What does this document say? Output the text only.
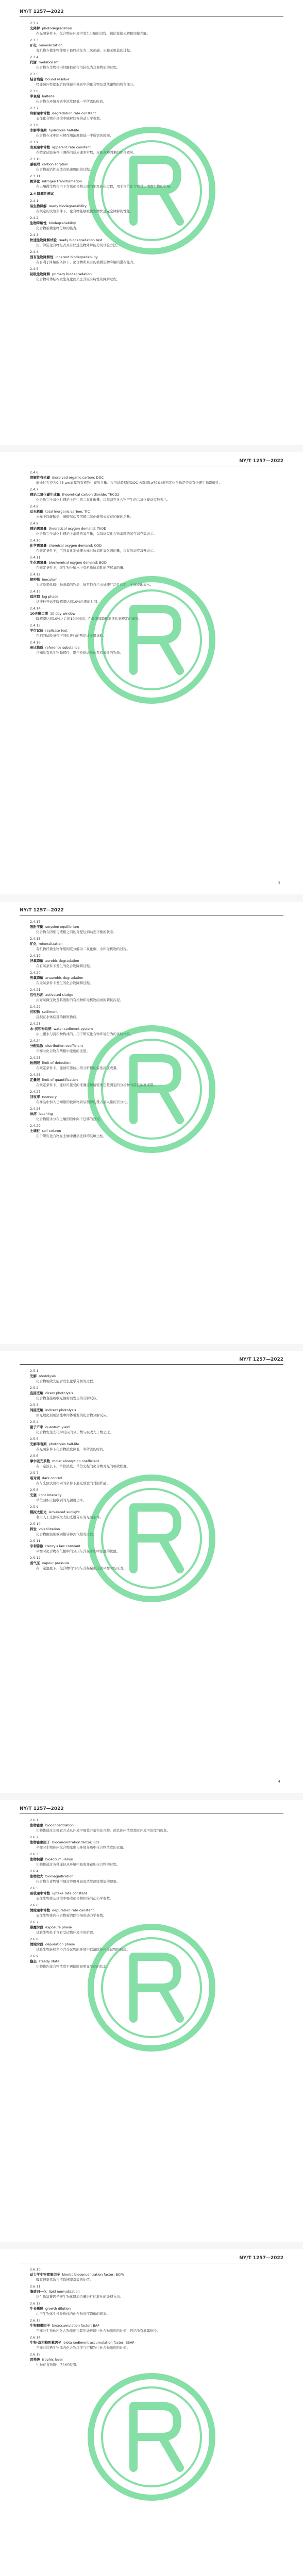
NY/T 1257—2022
2.3.2
光降解 photodegradation
在光照条件下，化合物在环境中发生分解的过程，包括直接光解和间接光解。
2.3.3
矿化 mineralization
有机物在微生物作用下最终转化为二氧化碳、水和无机盐的过程。
2.3.4
代谢 metabolism
化合物在生物体内经酶催化作用转化为其他物质的过程。
2.3.5
结合残留 bound residue
经非破坏性提取后仍残留在基质中的化合物及其代谢物的残留部分。
2.3.6
半衰期 half-life
化合物在环境介质中浓度降低一半所需的时间。
2.3.7
降解速率常数 degradation rate constant
表征化合物在环境中降解快慢的动力学参数。
2.3.8
水解半衰期 hydrolysis half-life
化合物在水中因水解作用浓度降低一半所需的时间。
2.3.9
表观速率常数 apparent rate constant
在特定试验条件下测得的反应速率常数，反映各种因素的综合效应。
2.3.10
碳吸附 carbon sorption
化合物被活性炭或有机碳吸附的过程。
2.3.11
氮转化 nitrogen transformation
在土壤微生物作用下含氮化合物之间的相互转化过程，用于评价化合物对土壤微生物的影响。
2.4 降解性测试
2.4.1
易生物降解 ready biodegradability
在规定的试验条件下，化合物能够被微生物快速完全降解的性能。
2.4.2
生物降解性 biodegradability
化合物被微生物分解的能力。
2.4.3
快速生物降解试验 ready biodegradation test
用于筛选化合物是否具有快速生物降解能力的试验方法。
2.4.4
固有生物降解性 inherent biodegradability
在有利于降解的条件下，化合物所具有的被微生物降解的潜在能力。
2.4.5
初级生物降解 primary biodegradation
化合物母体结构发生变化而失去其原有特性的降解过程。
NY/T 1257—2022
2.4.6
溶解性有机碳 dissolved organic carbon; DOC
能通过孔径为0.45 μm滤膜的有机物中碳的含量。采用试验期间DOC 去除率(≥70%)来判定化合物是否具有快速生物降解性。
2.4.7
理论二氧化碳生成量 theoretical carbon dioxide; ThCO2
化合物完全氧化时理论上产生的二氧化碳量，以每毫克化合物产生的二氧化碳毫克数表示。
2.4.8
总无机碳 total inorganic carbon; TIC
水样中以碳酸盐、碳酸氢盐及溶解二氧化碳形式存在的碳的总量。
2.4.9
理论需氧量 theoretical oxygen demand; ThOD
化合物完全氧化时理论上消耗的氧气量，以每毫克化合物消耗的氧气毫克数表示。
2.4.10
化学需氧量 chemical oxygen demand; COD
在规定条件下，用强氧化剂处理水样时所消耗氧化剂的量，以氧的毫克每升表示。
2.4.11
生化需氧量 biochemical oxygen demand; BOD
在规定条件下，微生物分解水中有机物所消耗的溶解氧的量。
2.4.12
接种物 inoculum
为试验提供微生物来源的物质，通常取自污水处理厂活性污泥、土壤或地表水。
2.4.13
适应期 lag phase
从接种开始至降解率达到10%所需的时间。
2.4.14
10天窗口期 10-day window
降解率达到10%之后的10天时间，在此期间降解率须达到规定的阈值。
2.4.15
平行试验 replicate test
在相同试验条件下同时进行的两组或多组试验。
2.4.16
参比物质 reference substance
已知具有易生物降解性、用于检验试验体系有效性的物质。
3
NY/T 1257—2022
2.4.17
吸附平衡 sorption equilibrium
化合物在固相与液相之间的分配达到动态平衡的状态。
2.4.18
矿化 mineralization
有机物经微生物作用彻底分解为二氧化碳、水和无机物的过程。
2.4.19
好氧降解 aerobic degradation
在有氧条件下发生的化合物降解过程。
2.4.20
厌氧降解 anaerobic degradation
在无氧条件下发生的化合物降解过程。
2.4.21
活性污泥 activated sludge
由好氧微生物及其吸附的有机物和无机物组成的絮状污泥。
2.4.22
沉积物 sediment
沉积在水体底部的颗粒物质。
2.4.23
水-沉积物系统 water-sediment system
由上覆水与沉积物构成的、用于研究化合物环境行为的试验体系。
2.4.24
分配系数 distribution coefficient
平衡时化合物在两相中浓度的比值。
2.4.25
检测限 limit of detection
在规定条件下，能被可靠检出的分析物的最低浓度或量。
2.4.26
定量限 limit of quantification
在规定条件下，能以可接受的准确度和精密度定量测定的分析物的最低浓度或量。
2.4.27
回收率 recovery
在样品中加入已知量的被测物质后测得的量占加入量的百分比。
2.4.28
淋溶 leaching
化合物随水分在土壤剖面中向下迁移的过程。
2.4.29
土壤柱 soil column
用于研究化合物在土壤中淋溶迁移的装填土柱。
NY/T 1257—2022
2.5.1
光解 photolysis
化合物吸收光能后发生化学分解的过程。
2.5.2
直接光解 direct photolysis
化合物直接吸收光辐射而发生的分解反应。
2.5.3
间接光解 indirect photolysis
由光敏化剂或活性中间体引发的化合物分解反应。
2.5.4
量子产率 quantum yield
化合物发生光化学反应的分子数与吸收光子数之比。
2.5.5
光解半衰期 photolysis half-life
在光照条件下化合物浓度降低一半所需的时间。
2.5.6
摩尔吸光系数 molar absorption coefficient
在一定波长下，单位浓度、单位光程的化合物对光的吸收程度。
2.5.7
暗对照 dark control
在与光照试验相同的条件下避光放置的对照样品。
2.5.8
光强 light intensity
单位面积上接收到的光辐射功率。
2.5.9
模拟太阳光 simulated sunlight
利用人工光源模拟太阳光谱分布的光照条件。
2.5.10
挥发 volatilization
化合物由液相或固相转移到气相的过程。
2.5.11
亨利常数 Henry's law constant
平衡时化合物在气相中的分压与其在水相中浓度的比值。
2.5.12
蒸气压 vapour pressure
在一定温度下，化合物的气相与其凝聚相达到平衡时的压力。
4
NY/T 1257—2022
2.6.1
生物富集 bioconcentration
生物体通过非摄食方式从环境中吸收并蓄积化合物，使其体内浓度超过环境中浓度的现象。
2.6.2
生物富集因子 bioconcentration factor; BCF
平衡时生物体内化合物浓度与环境介质中化合物浓度的比值。
2.6.3
生物积累 bioaccumulation
生物体通过各种途径从环境中吸收并蓄积化合物的过程。
2.6.4
生物放大 biomagnification
化合物在食物链中随营养级升高而浓度逐级增加的现象。
2.6.5
吸收速率常数 uptake rate constant
表征生物体从环境中吸收化合物快慢的动力学参数。
2.6.6
清除速率常数 depuration rate constant
表征生物体内化合物被清除快慢的动力学参数。
2.6.7
暴露阶段 exposure phase
试验生物处于含有受试物环境中的阶段。
2.6.8
清除阶段 depuration phase
试验生物转移至不含受试物的环境中以清除体内受试物的阶段。
2.6.9
稳态 steady state
生物体内化合物浓度不再随时间明显变化的状态。
NY/T 1257—2022
2.6.10
动力学生物富集因子 kinetic bioconcentration factor; BCFk
吸收速率常数与清除速率常数的比值。
2.6.11
脂质归一化 lipid normalization
将生物富集因子按生物体脂质含量进行标准化的处理方法。
2.6.12
生长稀释 growth dilution
由于生物体生长导致体内化合物浓度降低的现象。
2.6.13
生物积累因子 bioaccumulation factor; BAF
平衡时生物体内化合物浓度与其所处环境中化合物浓度的比值，包括所有暴露途径。
2.6.14
生物-沉积物积累因子 biota-sediment accumulation factor; BSAF
平衡时底栖生物体内化合物浓度与沉积物中化合物浓度的比值。
2.6.15
营养级 trophic level
生物在食物链中所处的位置。
